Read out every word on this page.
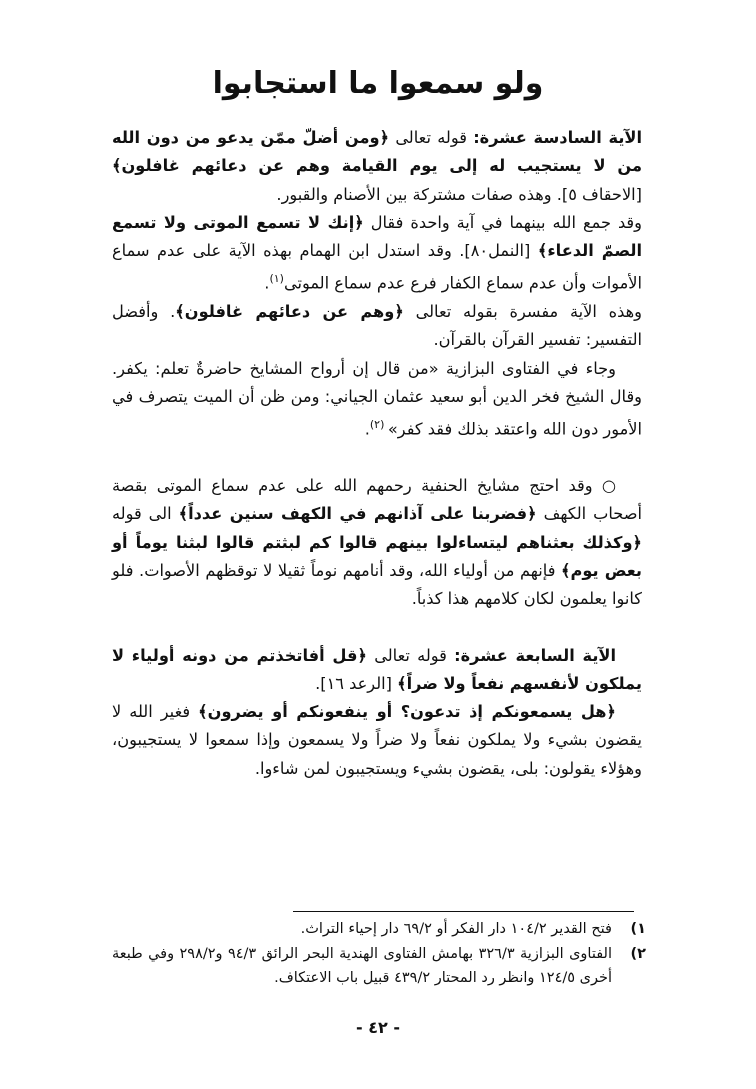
ولو سمعوا ما استجابوا

الآية السادسة عشرة: قوله تعالى ﴿ومن أضلّ ممّن يدعو من دون الله من لا يستجيب له إلى يوم القيامة وهم عن دعائهم غافلون﴾ [الاحقاف ٥]. وهذه صفات مشتركة بين الأصنام والقبور.

وقد جمع الله بينهما في آية واحدة فقال ﴿إنك لا تسمع الموتى ولا تسمع الصمّ الدعاء﴾ [النمل٨٠]. وقد استدل ابن الهمام بهذه الآية على عدم سماع الأموات وأن عدم سماع الكفار فرع عدم سماع الموتى$^{(١)}$.

وهذه الآية مفسرة بقوله تعالى ﴿وهم عن دعائهم غافلون﴾. وأفضل التفسير: تفسير القرآن بالقرآن.

وجاء في الفتاوى البزازية «من قال إن أرواح المشايخ حاضرةٌ تعلم: يكفر. وقال الشيخ فخر الدين أبو سعيد عثمان الجياني: ومن ظن أن الميت يتصرف في الأمور دون الله واعتقد بذلك فقد كفر» $^{(٢)}$.

○ وقد احتج مشايخ الحنفية رحمهم الله على عدم سماع الموتى بقصة أصحاب الكهف ﴿فضربنا على آذانهم في الكهف سنين عدداً﴾ الى قوله ﴿وكذلك بعثناهم ليتساءلوا بينهم قالوا كم لبثتم قالوا لبثنا يوماً أو بعض يوم﴾ فإنهم من أولياء الله، وقد أنامهم نوماً ثقيلا لا توقظهم الأصوات. فلو كانوا يعلمون لكان كلامهم هذا كذباً.

الآية السابعة عشرة: قوله تعالى ﴿قل أفاتخذتم من دونه أولياء لا يملكون لأنفسهم نفعاً ولا ضراً﴾ [الرعد ١٦].

﴿هل يسمعونكم إذ تدعون؟ أو ينفعونكم أو يضرون﴾ فغير الله لا يقضون بشيء ولا يملكون نفعاً ولا ضراً ولا يسمعون وإذا سمعوا لا يستجيبون، وهؤلاء يقولون: بلى، يقضون بشيء ويستجيبون لمن شاءوا.

١)
فتح القدير ١٠٤/٢ دار الفكر أو ٦٩/٢ دار إحياء التراث.
٢)
الفتاوى البزازية ٣٢٦/٣ بهامش الفتاوى الهندية البحر الرائق ٩٤/٣ و٢٩٨/٢ وفي طبعة أخرى ١٢٤/٥ وانظر رد المحتار ٤٣٩/٢ قبيل باب الاعتكاف.
- ٤٢ -
